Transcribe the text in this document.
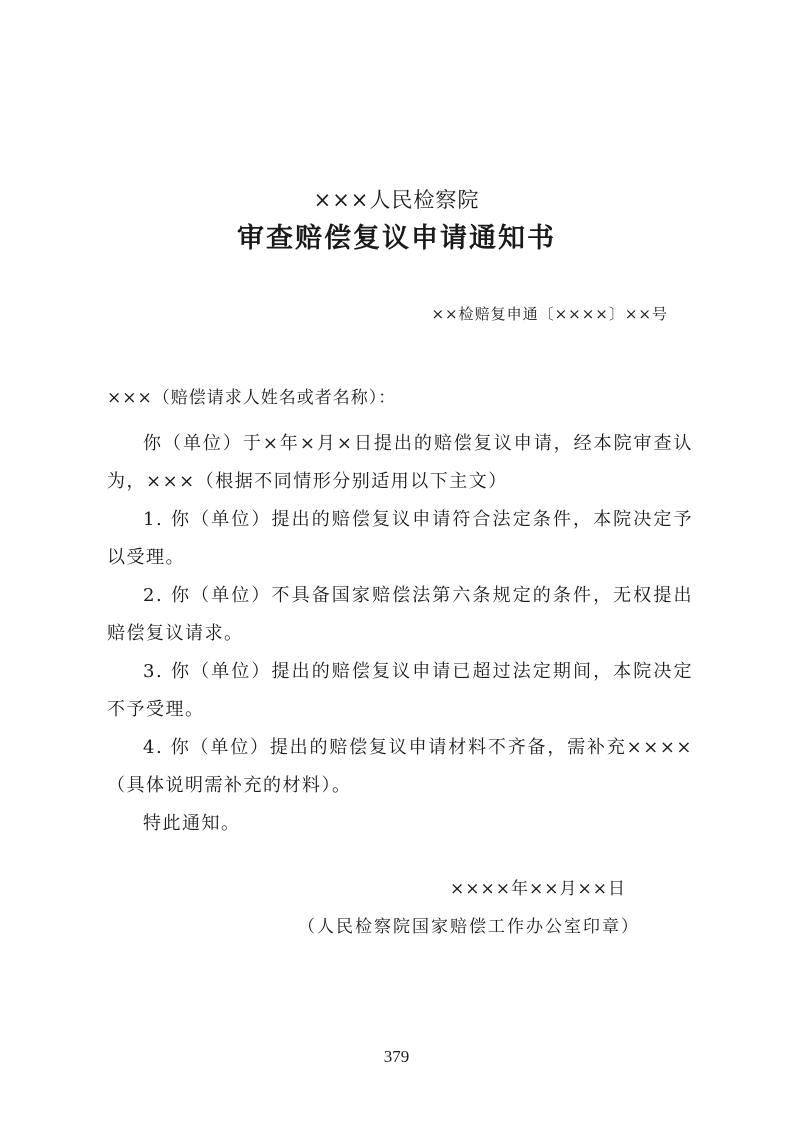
×××人民检察院
审查赔偿复议申请通知书
××检赔复申通〔××××〕××号
×××（赔偿请求人姓名或者名称）：

你（单位）于×年×月×日提出的赔偿复议申请，经本院审查认为，×××（根据不同情形分别适用以下主文）

1. 你（单位）提出的赔偿复议申请符合法定条件，本院决定予以受理。

2. 你（单位）不具备国家赔偿法第六条规定的条件，无权提出赔偿复议请求。

3. 你（单位）提出的赔偿复议申请已超过法定期间，本院决定不予受理。

4. 你（单位）提出的赔偿复议申请材料不齐备，需补充××××（具体说明需补充的材料）。

特此通知。

××××年××月××日
（人民检察院国家赔偿工作办公室印章）
379
